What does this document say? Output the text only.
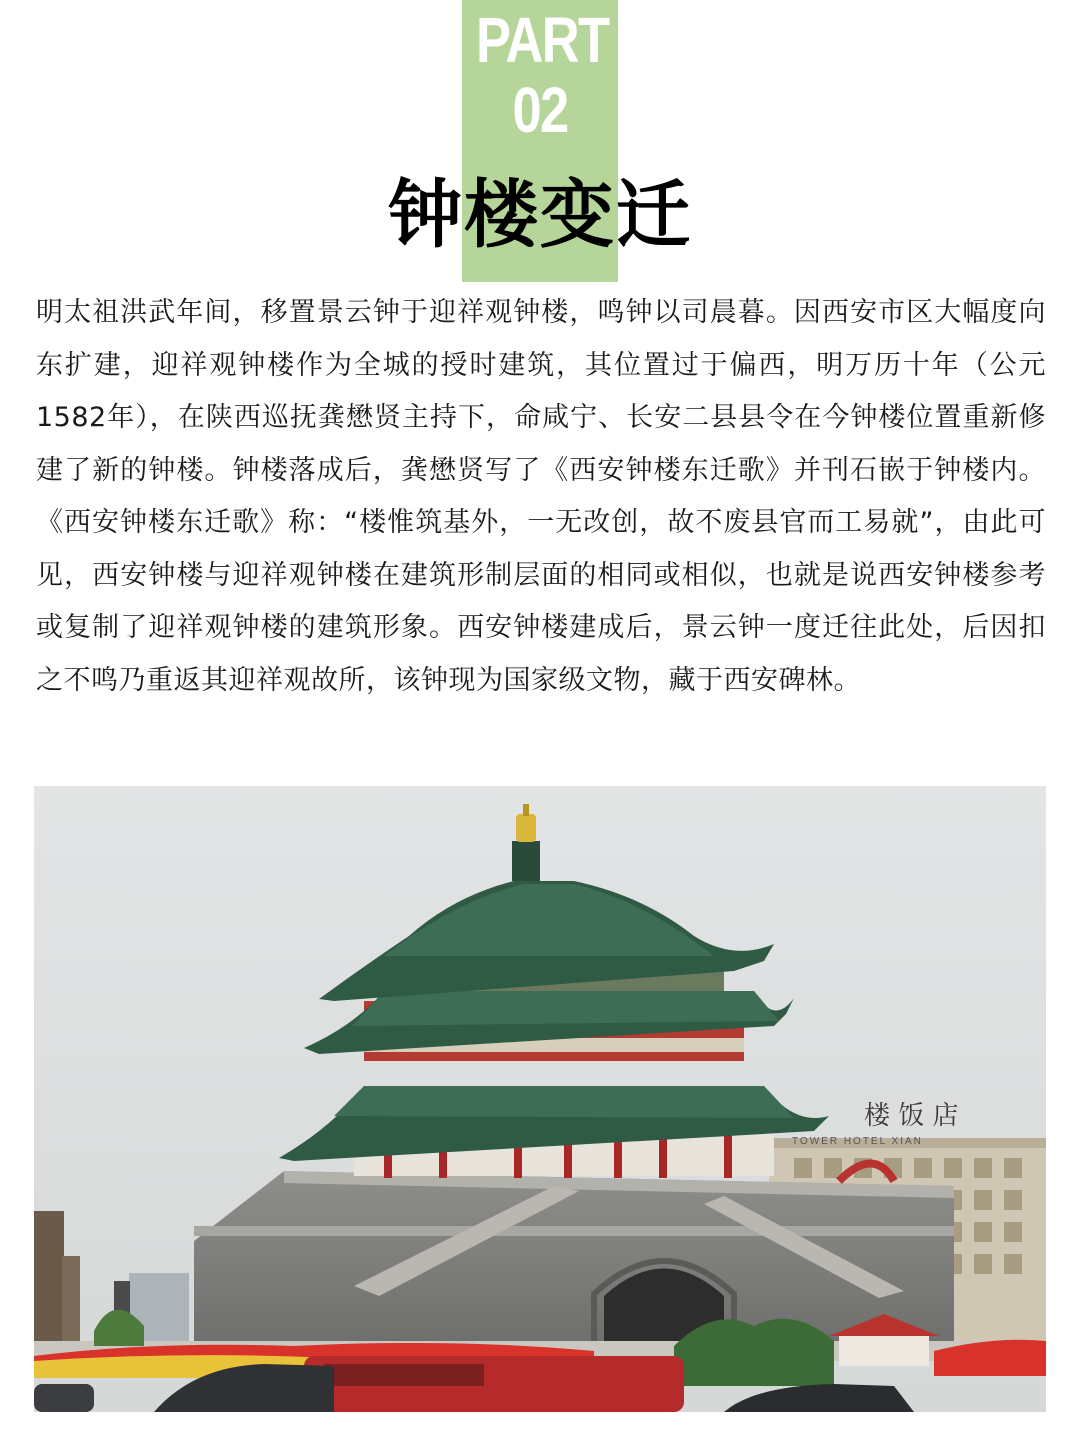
PART
02
钟楼变迁

明太祖洪武年间，移置景云钟于迎祥观钟楼，鸣钟以司晨暮。因西安市区大幅度向东扩建，迎祥观钟楼作为全城的授时建筑，其位置过于偏西，明万历十年（公元1582年），在陕西巡抚龚懋贤主持下，命咸宁、长安二县县令在今钟楼位置重新修建了新的钟楼。钟楼落成后，龚懋贤写了《西安钟楼东迁歌》并刊石嵌于钟楼内。《西安钟楼东迁歌》称：“楼惟筑基外，一无改创，故不废县官而工易就”，由此可见，西安钟楼与迎祥观钟楼在建筑形制层面的相同或相似，也就是说西安钟楼参考或复制了迎祥观钟楼的建筑形象。西安钟楼建成后，景云钟一度迁往此处，后因扣之不鸣乃重返其迎祥观故所，该钟现为国家级文物，藏于西安碑林。

楼 饭 店
TOWER HOTEL XIAN
